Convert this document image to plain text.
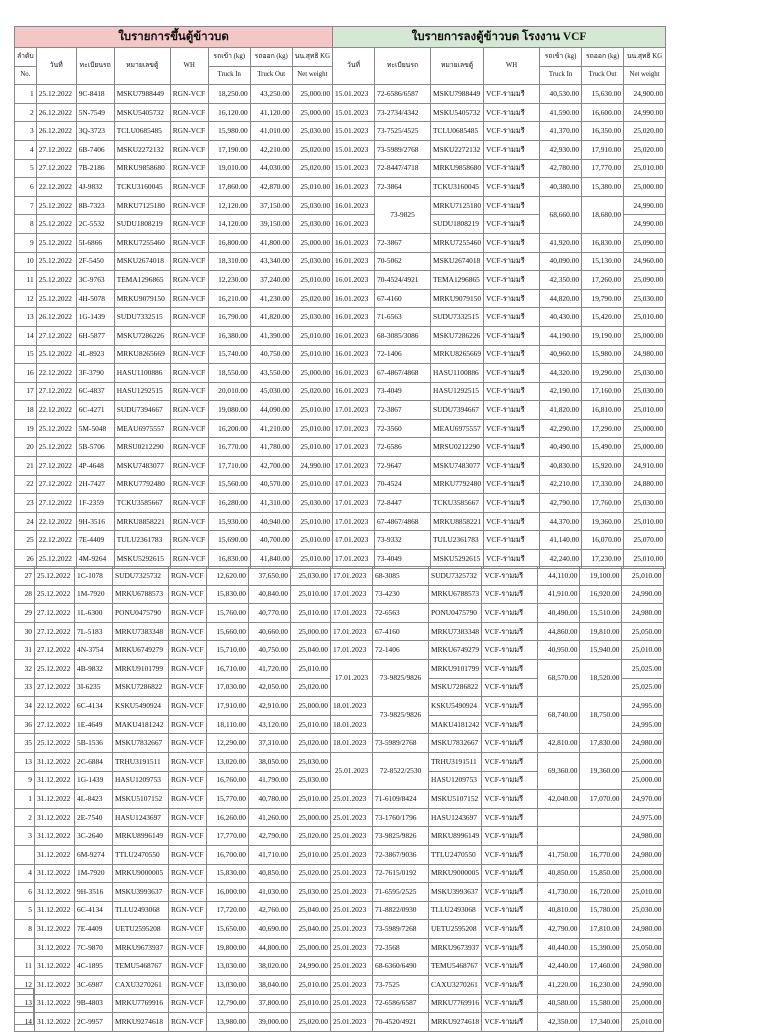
ใบรายการขึ้นตู้ข้าวบด								ใบรายการลงตู้ข้าวบด โรงงาน VCF						
ลำดับ	วันที่	ทะเบียนรถ	หมายเลขตู้	WH	รถเข้า (kg)	รถออก (kg)	นน.สุทธิ KG	วันที่	ทะเบียนรถ	หมายเลขตู้	WH	รถเข้า (kg)	รถออก (kg)	นน.สุทธิ KG
No.					Truck In	Truck Out	Net weight					Truck In	Truck Out	Net weight
1	25.12.2022	9C-8418	MSKU7988449	RGN-VCF	18,250.00	43,250.00	25,000.00	15.01.2023	72-6586/6587	MSKU7988449	VCF-รามมรี	40,530.00	15,630.00	24,900.00
2	26.12.2022	5N-7549	MSKU5405732	RGN-VCF	16,120.00	41,120.00	25,000.00	15.01.2023	73-2734/4342	MSKU5405732	VCF-รามมรี	41,590.00	16,600.00	24,990.00
3	26.12.2022	3Q-3723	TCLU0685485	RGN-VCF	15,980.00	41,010.00	25,030.00	15.01.2023	73-7525/4525	TCLU0685485	VCF-รามมรี	41,370.00	16,350.00	25,020.00
4	27.12.2022	6B-7406	MSKU2272132	RGN-VCF	17,190.00	42,210.00	25,020.00	15.01.2023	73-5989/2768	MSKU2272132	VCF-รามมรี	42,930.00	17,910.00	25,020.00
5	27.12.2022	7B-2186	MRKU9858680	RGN-VCF	19,010.00	44,030.00	25,020.00	15.01.2023	72-8447/4718	MRKU9858680	VCF-รามมรี	42,780.00	17,770.00	25,010.00
6	22.12.2022	4J-9832	TCKU3160045	RGN-VCF	17,860.00	42,870.00	25,010.00	16.01.2023	72-3864	TCKU3160045	VCF-รามมรี	40,380.00	15,380.00	25,000.00
7	25.12.2022	8B-7323	MRKU7125180	RGN-VCF	12,120.00	37,150.00	25,030.00	16.01.2023	73-9825	MRKU7125180	VCF-รามมรี	68,660.00	18,680.00	24,990.00
8	25.12.2022	2C-5532	SUDU1808219	RGN-VCF	14,120.00	39,150.00	25,030.00	16.01.2023		SUDU1808219	VCF-รามมรี			24,990.00
9	25.12.2022	5I-6866	MRKU7255460	RGN-VCF	16,800.00	41,800.00	25,000.00	16.01.2023	72-3867	MRKU7255460	VCF-รามมรี	41,920.00	16,830.00	25,090.00
10	25.12.2022	2F-5450	MSKU2674018	RGN-VCF	18,310.00	43,340.00	25,030.00	16.01.2023	70-5062	MSKU2674018	VCF-รามมรี	40,090.00	15,130.00	24,960.00
11	25.12.2022	3C-9763	TEMA1296865	RGN-VCF	12,230.00	37,240.00	25,010.00	16.01.2023	70-4524/4921	TEMA1296865	VCF-รามมรี	42,350.00	17,260.00	25,090.00
12	25.12.2022	4H-5078	MRKU9079150	RGN-VCF	16,210.00	41,230.00	25,020.00	16.01.2023	67-4160	MRKU9079150	VCF-รามมรี	44,820.00	19,790.00	25,030.00
13	26.12.2022	1G-1439	SUDU7332515	RGN-VCF	16,790.00	41,820.00	25,030.00	16.01.2023	71-6563	SUDU7332515	VCF-รามมรี	40,430.00	15,420.00	25,010.00
14	27.12.2022	6H-5877	MSKU7286226	RGN-VCF	16,380.00	41,390.00	25,010.00	16.01.2023	68-3085/3086	MSKU7286226	VCF-รามมรี	44,190.00	19,190.00	25,000.00
15	25.12.2022	4L-8923	MRKU8265669	RGN-VCF	15,740.00	40,750.00	25,010.00	16.01.2023	72-1406	MRKU8265669	VCF-รามมรี	40,960.00	15,980.00	24,980.00
16	22.12.2022	3F-3790	HASU1100886	RGN-VCF	18,550.00	43,550.00	25,000.00	16.01.2023	67-4867/4868	HASU1100886	VCF-รามมรี	44,320.00	19,290.00	25,030.00
17	27.12.2022	6C-4837	HASU1292515	RGN-VCF	20,010.00	45,030.00	25,020.00	16.01.2023	73-4049	HASU1292515	VCF-รามมรี	42,190.00	17,160.00	25,030.00
18	22.12.2022	6C-4271	SUDU7394667	RGN-VCF	19,080.00	44,090.00	25,010.00	17.01.2023	72-3867	SUDU7394667	VCF-รามมรี	41,820.00	16,810.00	25,010.00
19	25.12.2022	5M-5048	MEAU6975557	RGN-VCF	16,200.00	41,210.00	25,010.00	17.01.2023	72-3560	MEAU6975557	VCF-รามมรี	42,290.00	17,290.00	25,000.00
20	25.12.2022	5B-5706	MRSU0212290	RGN-VCF	16,770.00	41,780.00	25,010.00	17.01.2023	72-6586	MRSU0212290	VCF-รามมรี	40,490.00	15,490.00	25,000.00
21	27.12.2022	4P-4648	MSKU7483077	RGN-VCF	17,710.00	42,700.00	24,990.00	17.01.2023	72-9647	MSKU7483077	VCF-รามมรี	40,830.00	15,920.00	24,910.00
22	27.12.2022	2H-7427	MRKU7792480	RGN-VCF	15,560.00	40,570.00	25,010.00	17.01.2023	70-4524	MRKU7792480	VCF-รามมรี	42,210.00	17,330.00	24,880.00
23	27.12.2022	1F-2359	TCKU3585667	RGN-VCF	16,280.00	41,310.00	25,030.00	17.01.2023	72-8447	TCKU3585667	VCF-รามมรี	42,790.00	17,760.00	25,030.00
24	22.12.2022	9H-3516	MRKU8858221	RGN-VCF	15,930.00	40,940.00	25,010.00	17.01.2023	67-4867/4868	MRKU8858221	VCF-รามมรี	44,370.00	19,360.00	25,010.00
25	22.12.2022	7E-4409	TULU2361783	RGN-VCF	15,690.00	40,700.00	25,010.00	17.01.2023	73-9332	TULU2361783	VCF-รามมรี	41,140.00	16,070.00	25,070.00
26	25.12.2022	4M-9264	MSKU5292615	RGN-VCF	16,830.00	41,840.00	25,010.00	17.01.2023	73-4049	MSKU5292615	VCF-รามมรี	42,240.00	17,230.00	25,010.00
27	25.12.2022	1C-1078	SUDU7325732	RGN-VCF	12,620.00	37,650.00	25,030.00	17.01.2023	68-3085	SUDU7325732	VCF-รามมรี	44,110.00	19,100.00	25,010.00
28	25.12.2022	1M-7920	MRKU6788573	RGN-VCF	15,830.00	40,840.00	25,010.00	17.01.2023	73-4230	MRKU6788573	VCF-รามมรี	41,910.00	16,920.00	24,990.00
29	27.12.2022	1L-6300	PONU0475790	RGN-VCF	15,760.00	40,770.00	25,010.00	17.01.2023	72-6563	PONU0475790	VCF-รามมรี	40,490.00	15,510.00	24,980.00
30	27.12.2022	7L-5183	MRKU7383348	RGN-VCF	15,660.00	40,660.00	25,000.00	17.01.2023	67-4160	MRKU7383348	VCF-รามมรี	44,860.00	19,810.00	25,050.00
31	27.12.2022	4N-3754	MRKU6749279	RGN-VCF	15,710.00	40,750.00	25,040.00	17.01.2023	72-1406	MRKU6749279	VCF-รามมรี	40,950.00	15,940.00	25,010.00
32	25.12.2022	4B-9832	MRKU9101799	RGN-VCF	16,710.00	41,720.00	25,010.00	17.01.2023	73-9825/9826	MRKU9101799	VCF-รามมรี	68,570.00	18,520.00	25,025.00
33	27.12.2022	3I-6235	MSKU7286822	RGN-VCF	17,030.00	42,050.00	25,020.00			MSKU7286822	VCF-รามมรี			25,025.00
34	22.12.2022	6C-4134	KSKU5490924	RGN-VCF	17,910.00	42,910.00	25,000.00	18.01.2023	73-9825/9826	KSKU5490924	VCF-รามมรี	68,740.00	18,750.00	24,995.00
36	27.12.2022	1E-4649	MAKU4181242	RGN-VCF	18,110.00	43,120.00	25,010.00	18.01.2023		MAKU4181242	VCF-รามมรี			24,995.00
35	25.12.2022	5B-1536	MSKU7832667	RGN-VCF	12,290.00	37,310.00	25,020.00	18.01.2023	73-5989/2768	MSKU7832667	VCF-รามมรี	42,810.00	17,830.00	24,980.00
13	31.12.2022	2C-6884	TRHU3191511	RGN-VCF	13,020.00	38,050.00	25,030.00	25.01.2023	72-8522/2530	TRHU3191511	VCF-รามมรี	69,360.00	19,360.00	25,000.00
9	31.12.2022	1G-1439	HASU1209753	RGN-VCF	16,760.00	41,790.00	25,030.00			HASU1209753	VCF-รามมรี			25,000.00
1	31.12.2022	4L-8423	MSKU5107152	RGN-VCF	15,770.00	40,780.00	25,010.00	25.01.2023	71-6109/8424	MSKU5107152	VCF-รามมรี	42,040.00	17,070.00	24,970.00
2	31.12.2022	2E-7540	HASU1243697	RGN-VCF	16,260.00	41,260.00	25,000.00	25.01.2023	73-1760/1796	HASU1243697	VCF-รามมรี			24,975.00
3	31.12.2022	3C-2640	MRKU8996149	RGN-VCF	17,770.00	42,790.00	25,020.00	25.01.2023	73-9825/9826	MRKU8996149	VCF-รามมรี			24,980.00
	31.12.2022	6M-9274	TTLU2470550	RGN-VCF	16,700.00	41,710.00	25,010.00	25.01.2023	72-3867/9036	TTLU2470550	VCF-รามมรี	41,750.00	16,770.00	24,980.00
4	31.12.2022	1M-7920	MRKU9000005	RGN-VCF	15,830.00	40,850.00	25,020.00	25.01.2023	72-7615/0192	MRKU9000005	VCF-รามมรี	40,850.00	15,850.00	25,000.00
6	31.12.2022	9H-3516	MSKU3993637	RGN-VCF	16,000.00	41,030.00	25,030.00	25.01.2023	71-6595/2525	MSKU3993637	VCF-รามมรี	41,730.00	16,720.00	25,010.00
5	31.12.2022	6C-4134	TLLU2493068	RGN-VCF	17,720.00	42,760.00	25,040.00	25.01.2023	71-8822/0930	TLLU2493068	VCF-รามมรี	40,810.00	15,780.00	25,030.00
8	31.12.2022	7E-4409	UETU2595208	RGN-VCF	15,650.00	40,690.00	25,040.00	25.01.2023	73-5989/7268	UETU2595208	VCF-รามมรี	42,790.00	17,810.00	24,980.00
	31.12.2022	7C-9870	MRKU9673937	RGN-VCF	19,800.00	44,800.00	25,000.00	25.01.2023	72-3568	MRKU9673937	VCF-รามมรี	40,440.00	15,390.00	25,050.00
11	31.12.2022	4C-1895	TEMU5468767	RGN-VCF	13,030.00	38,020.00	24,990.00	25.01.2023	68-6360/6490	TEMU5468767	VCF-รามมรี	42,440.00	17,460.00	24,980.00
12	31.12.2022	3C-6987	CAXU3270261	RGN-VCF	13,030.00	38,040.00	25,010.00	25.01.2023	73-7525	CAXU3270261	VCF-รามมรี	41,220.00	16,230.00	24,990.00
13	31.12.2022	9B-4803	MRKU7769916	RGN-VCF	12,790.00	37,800.00	25,010.00	25.01.2023	72-6586/6587	MRKU7769916	VCF-รามมรี	40,580.00	15,580.00	25,000.00
14	31.12.2022	2C-9957	MRKU9274618	RGN-VCF	13,980.00	39,000.00	25,020.00	25.01.2023	70-4520/4921	MRKU9274618	VCF-รามมรี	42,350.00	17,340.00	25,010.00
